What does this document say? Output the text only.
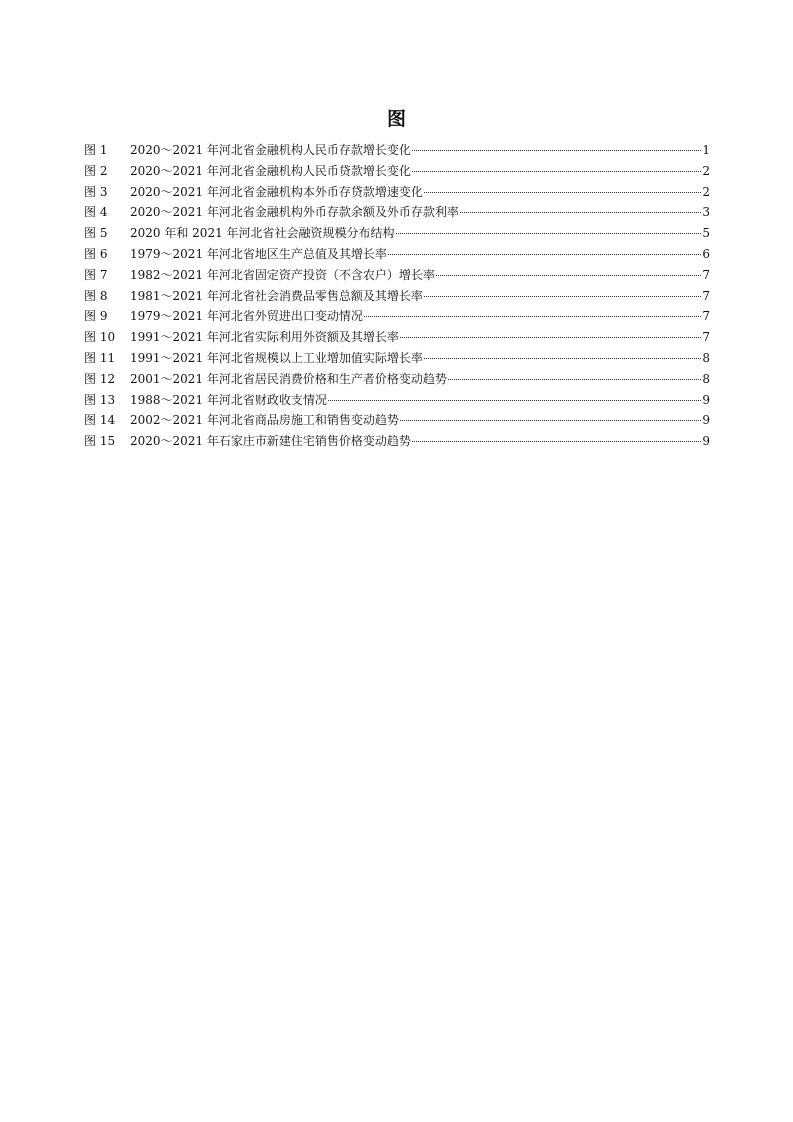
图
图 1	2020～2021 年河北省金融机构人民币存款增长变化	1
图 2	2020～2021 年河北省金融机构人民币贷款增长变化	2
图 3	2020～2021 年河北省金融机构本外币存贷款增速变化	2
图 4	2020～2021 年河北省金融机构外币存款余额及外币存款利率	3
图 5	2020 年和 2021 年河北省社会融资规模分布结构	5
图 6	1979～2021 年河北省地区生产总值及其增长率	6
图 7	1982～2021 年河北省固定资产投资（不含农户）增长率	7
图 8	1981～2021 年河北省社会消费品零售总额及其增长率	7
图 9	1979～2021 年河北省外贸进出口变动情况	7
图 10	1991～2021 年河北省实际利用外资额及其增长率	7
图 11	1991～2021 年河北省规模以上工业增加值实际增长率	8
图 12	2001～2021 年河北省居民消费价格和生产者价格变动趋势	8
图 13	1988～2021 年河北省财政收支情况	9
图 14	2002～2021 年河北省商品房施工和销售变动趋势	9
图 15	2020～2021 年石家庄市新建住宅销售价格变动趋势	9
